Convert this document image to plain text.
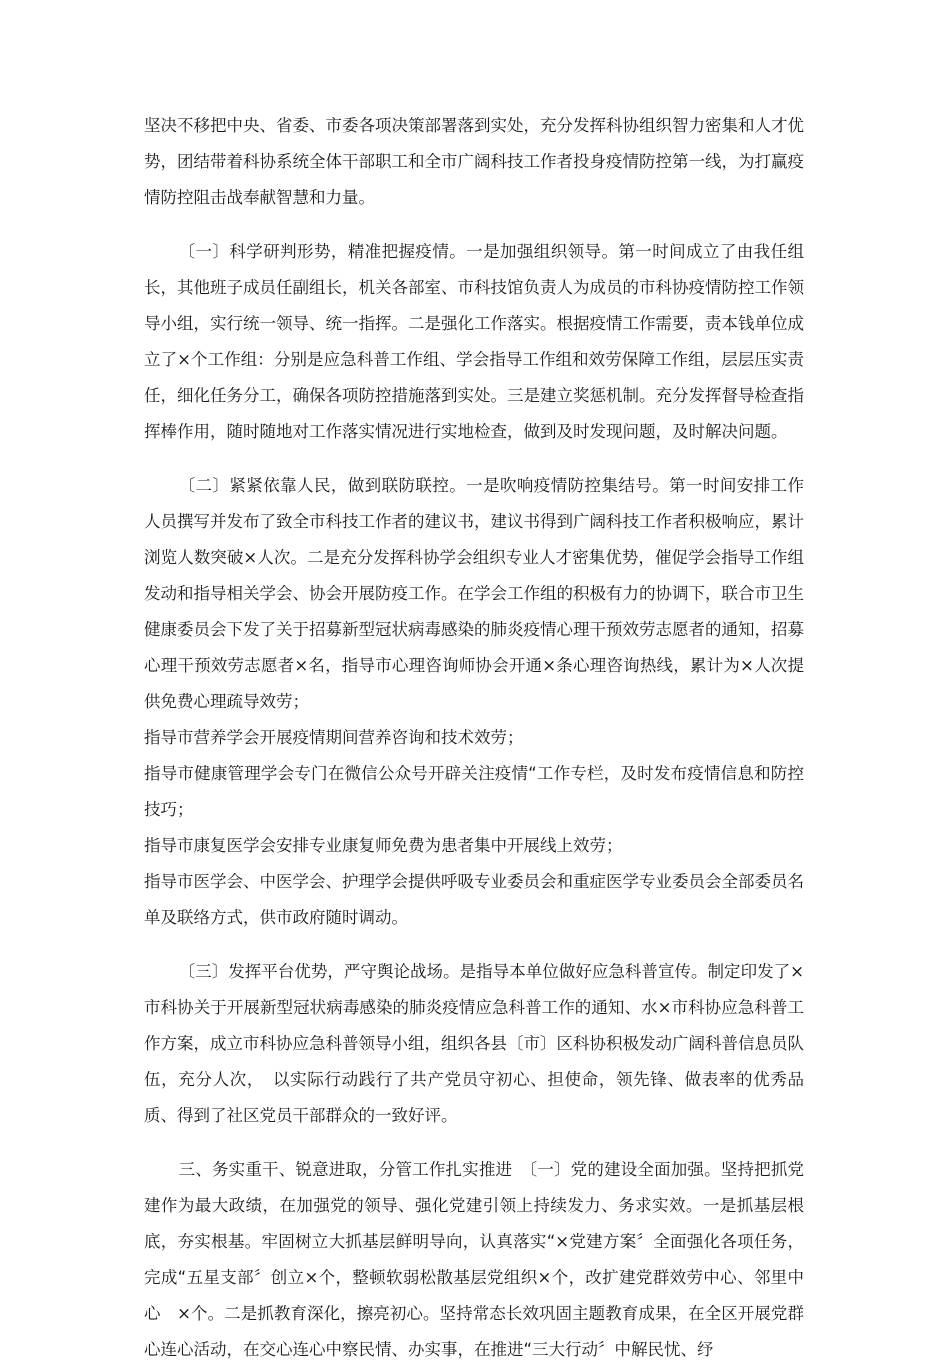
坚决不移把中央、省委、市委各项决策部署落到实处，充分发挥科协组织智力密集和人才优势，团结带着科协系统全体干部职工和全市广阔科技工作者投身疫情防控第一线，为打赢疫情防控阻击战奉献智慧和力量。

〔一〕科学研判形势，精准把握疫情。一是加强组织领导。第一时间成立了由我任组长，其他班子成员任副组长，机关各部室、市科技馆负责人为成员的市科协疫情防控工作领导小组，实行统一领导、统一指挥。二是强化工作落实。根据疫情工作需要，责本钱单位成立了×个工作组：分别是应急科普工作组、学会指导工作组和效劳保障工作组，层层压实责任，细化任务分工，确保各项防控措施落到实处。三是建立奖惩机制。充分发挥督导检查指挥棒作用，随时随地对工作落实情况进行实地检查，做到及时发现问题，及时解决问题。

〔二〕紧紧依靠人民，做到联防联控。一是吹响疫情防控集结号。第一时间安排工作人员撰写并发布了致全市科技工作者的建议书，建议书得到广阔科技工作者积极响应，累计浏览人数突破×人次。二是充分发挥科协学会组织专业人才密集优势，催促学会指导工作组发动和指导相关学会、协会开展防疫工作。在学会工作组的积极有力的协调下，联合市卫生健康委员会下发了关于招募新型冠状病毒感染的肺炎疫情心理干预效劳志愿者的通知，招募心理干预效劳志愿者×名，指导市心理咨询师协会开通×条心理咨询热线，累计为×人次提供免费心理疏导效劳；

指导市营养学会开展疫情期间营养咨询和技术效劳；

指导市健康管理学会专门在微信公众号开辟关注疫情“工作专栏，及时发布疫情信息和防控技巧；

指导市康复医学会安排专业康复师免费为患者集中开展线上效劳；

指导市医学会、中医学会、护理学会提供呼吸专业委员会和重症医学专业委员会全部委员名单及联络方式，供市政府随时调动。

〔三〕发挥平台优势，严守舆论战场。是指导本单位做好应急科普宣传。制定印发了×市科协关于开展新型冠状病毒感染的肺炎疫情应急科普工作的通知、水×市科协应急科普工作方案，成立市科协应急科普领导小组，组织各县〔市〕区科协积极发动广阔科普信息员队伍，充分人次，　以实际行动践行了共产党员守初心、担使命，领先锋、做表率的优秀品质、得到了社区党员干部群众的一致好评。

三、务实重干、锐意进取，分管工作扎实推进　〔一〕党的建设全面加强。坚持把抓党建作为最大政绩，在加强党的领导、强化党建引领上持续发力、务求实效。一是抓基层根底，夯实根基。牢固树立大抓基层鲜明导向，认真落实“×党建方案〞全面强化各项任务，完成“五星支部〞创立×个，整顿软弱松散基层党组织×个，改扩建党群效劳中心、邻里中心　×个。二是抓教育深化，擦亮初心。坚持常态长效巩固主题教育成果，在全区开展党群心连心活动，在交心连心中察民情、办实事，在推进“三大行动〞中解民忧、纾
